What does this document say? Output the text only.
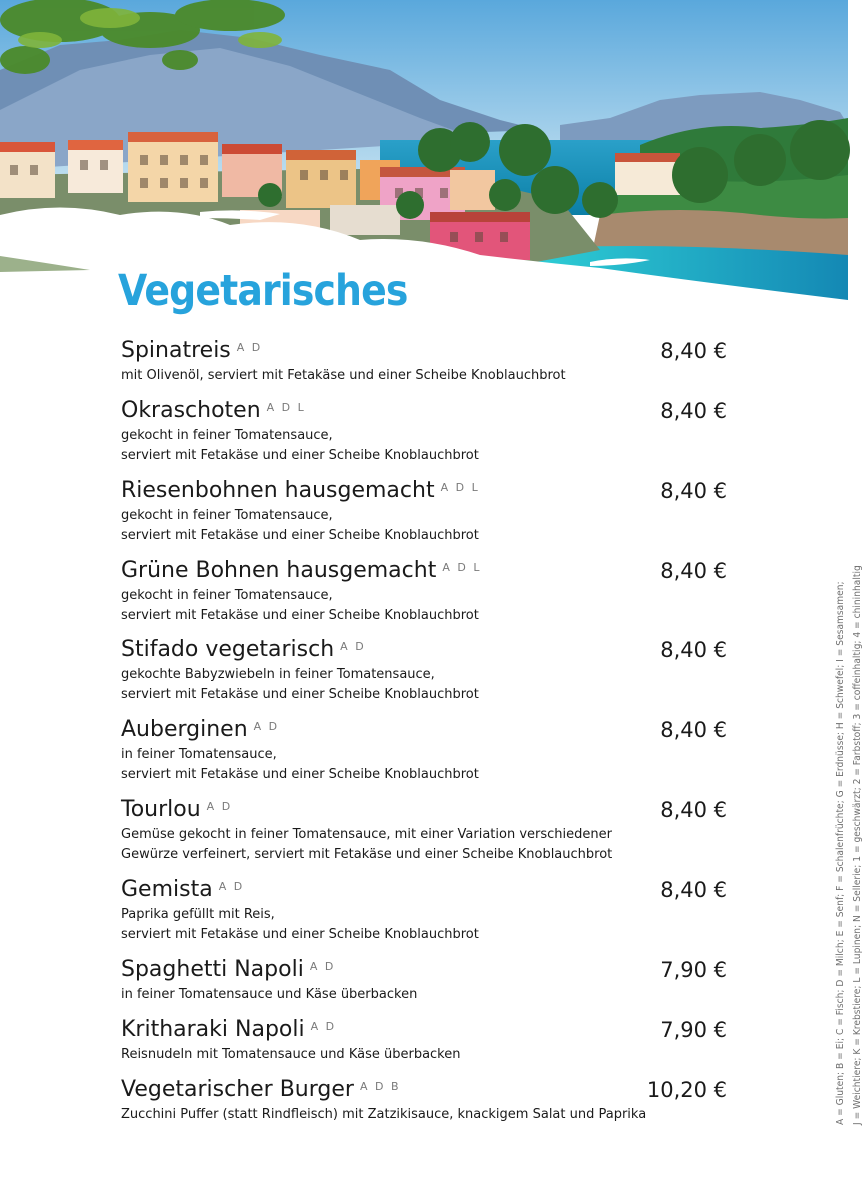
Vegetarisches
Spinatreis $^{A D}$	8,40 €
mit Olivenöl, serviert mit Fetakäse und einer Scheibe Knoblauchbrot
Okraschoten $^{A D L}$	8,40 €
gekocht in feiner Tomatensauce,
serviert mit Fetakäse und einer Scheibe Knoblauchbrot
Riesenbohnen hausgemacht $^{A D L}$	8,40 €
gekocht in feiner Tomatensauce,
serviert mit Fetakäse und einer Scheibe Knoblauchbrot
Grüne Bohnen hausgemacht $^{A D L}$	8,40 €
gekocht in feiner Tomatensauce,
serviert mit Fetakäse und einer Scheibe Knoblauchbrot
Stifado vegetarisch $^{A D}$	8,40 €
gekochte Babyzwiebeln in feiner Tomatensauce,
serviert mit Fetakäse und einer Scheibe Knoblauchbrot
Auberginen $^{A D}$	8,40 €
in feiner Tomatensauce,
serviert mit Fetakäse und einer Scheibe Knoblauchbrot
Tourlou $^{A D}$	8,40 €
Gemüse gekocht in feiner Tomatensauce, mit einer Variation verschiedener
Gewürze verfeinert, serviert mit Fetakäse und einer Scheibe Knoblauchbrot
Gemista $^{A D}$	8,40 €
Paprika gefüllt mit Reis,
serviert mit Fetakäse und einer Scheibe Knoblauchbrot
Spaghetti Napoli $^{A D}$	7,90 €
in feiner Tomatensauce und Käse überbacken
Kritharaki Napoli $^{A D}$	7,90 €
Reisnudeln mit Tomatensauce und Käse überbacken
Vegetarischer Burger $^{A D B}$	10,20 €
Zucchini Puffer (statt Rindfleisch) mit Zatzikisauce, knackigem Salat und Paprika	A = Gluten; B = Ei; C = Fisch; D = Milch; E = Senf; F = Schalenfrüchte; G = Erdnüsse; H = Schwefel; I = Sesamsamen; J = Weichtiere; K = Krebstiere; L = Lupinen; N = Sellerie; 1 = geschwärzt; 2 = Farbstoff; 3 = coffeinhaltig; 4 = chininhaltig
